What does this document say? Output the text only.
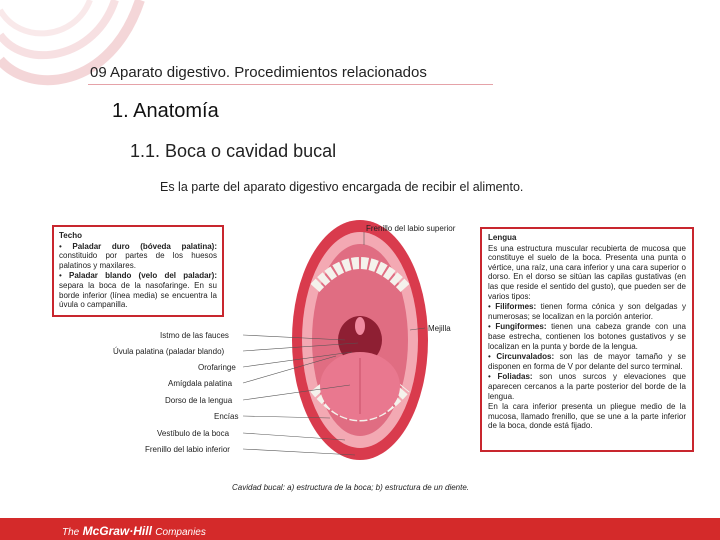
09 Aparato digestivo. Procedimientos relacionados
1. Anatomía
1.1. Boca o cavidad bucal
Es la parte del aparato digestivo encargada de recibir el alimento.
Techo
• Paladar duro (bóveda palatina): constituido por partes de los huesos palatinos y maxilares.
• Paladar blando (velo del paladar): separa la boca de la nasofaringe. En su borde inferior (línea media) se encuentra la úvula o campanilla.
Lengua
Es una estructura muscular recubierta de mucosa que constituye el suelo de la boca. Presenta una punta o vértice, una raíz, una cara inferior y una cara superior o dorso. En el dorso se sitúan las capilas gustativas (en las que reside el sentido del gusto), que pueden ser de varios tipos:
• Filiformes: tienen forma cónica y son delgadas y numerosas; se localizan en la porción anterior.
• Fungiformes: tienen una cabeza grande con una base estrecha, contienen los botones gustativos y se localizan en la punta y borde de la lengua.
• Circunvalados: son las de mayor tamaño y se disponen en forma de V por delante del surco terminal.
• Foliadas: son unos surcos y elevaciones que aparecen cercanos a la parte posterior del borde de la lengua.
En la cara inferior presenta un pliegue medio de la mucosa, llamado frenillo, que se une a la parte inferior de la boca, donde está fijado.
Frenillo del labio superior
Istmo de las fauces
Úvula palatina (paladar blando)
Orofaringe
Amígdala palatina
Dorso de la lengua
Encías
Vestíbulo de la boca
Frenillo del labio inferior
Mejilla
Cavidad bucal: a) estructura de la boca; b) estructura de un diente.
The McGraw·Hill Companies
